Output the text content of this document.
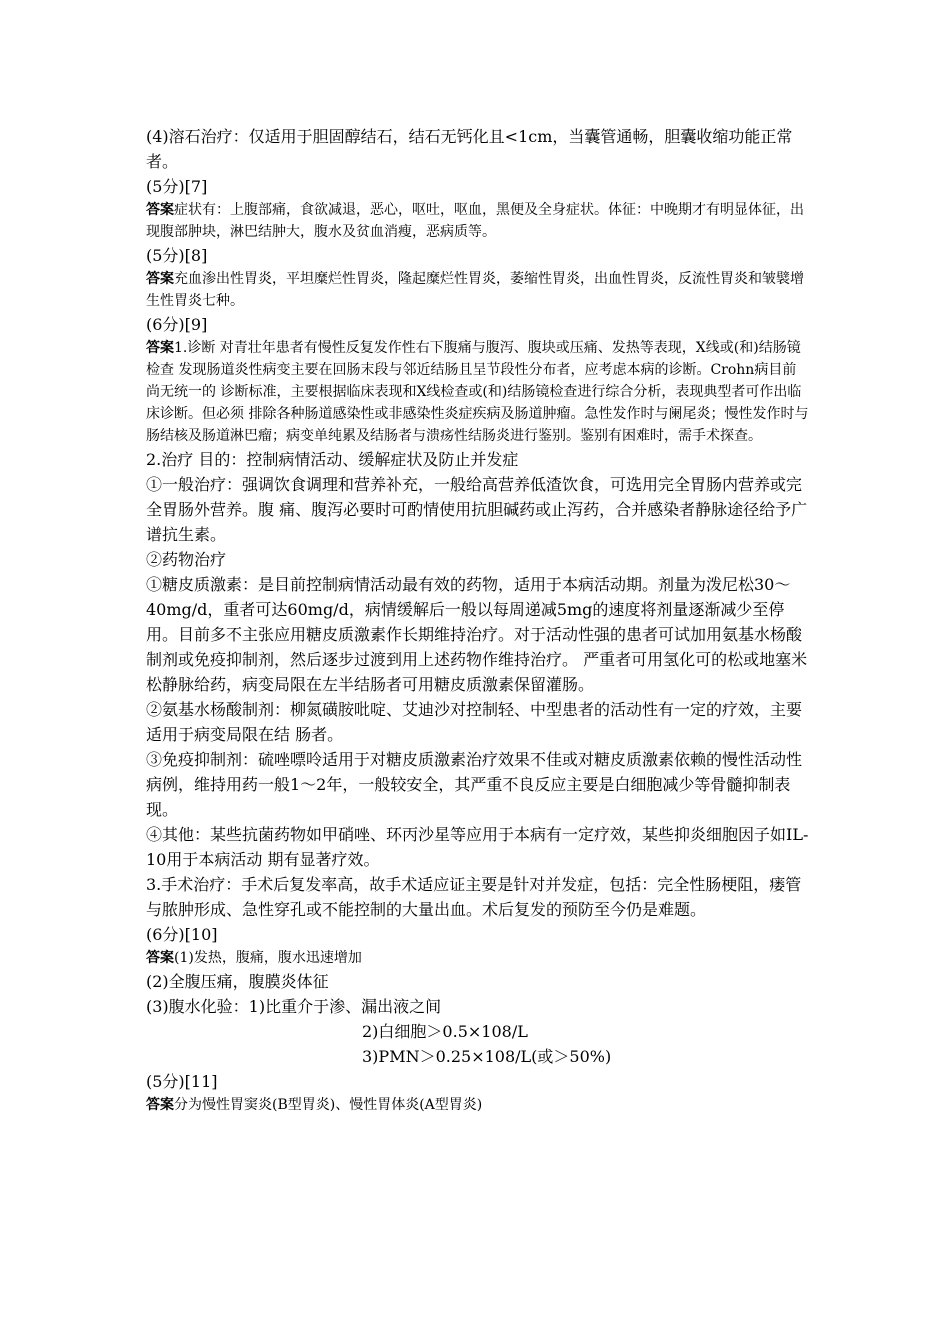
(4)溶石治疗：仅适用于胆固醇结石，结石无钙化且<1cm，当囊管通畅，胆囊收缩功能正常者。

(5分)[7]

答案症状有：上腹部痛，食欲减退，恶心，呕吐，呕血，黑便及全身症状。体征：中晚期才有明显体征，出现腹部肿块，淋巴结肿大，腹水及贫血消瘦，恶病质等。

(5分)[8]

答案充血渗出性胃炎，平坦糜烂性胃炎，隆起糜烂性胃炎，萎缩性胃炎，出血性胃炎，反流性胃炎和皱襞增生性胃炎七种。

(6分)[9]

答案1.诊断 对青壮年患者有慢性反复发作性右下腹痛与腹泻、腹块或压痛、发热等表现，X线或(和)结肠镜检查 发现肠道炎性病变主要在回肠末段与邻近结肠且呈节段性分布者，应考虑本病的诊断。Crohn病目前尚无统一的 诊断标准，主要根据临床表现和X线检查或(和)结肠镜检查进行综合分析，表现典型者可作出临床诊断。但必须 排除各种肠道感染性或非感染性炎症疾病及肠道肿瘤。急性发作时与阑尾炎；慢性发作时与肠结核及肠道淋巴瘤；病变单纯累及结肠者与溃疡性结肠炎进行鉴别。鉴别有困难时，需手术探查。

2.治疗 目的：控制病情活动、缓解症状及防止并发症

①一般治疗：强调饮食调理和营养补充，一般给高营养低渣饮食，可选用完全胃肠内营养或完全胃肠外营养。腹 痛、腹泻必要时可酌情使用抗胆碱药或止泻药，合并感染者静脉途径给予广谱抗生素。

②药物治疗

①糖皮质激素：是目前控制病情活动最有效的药物，适用于本病活动期。剂量为泼尼松30～40mg/d，重者可达60mg/d，病情缓解后一般以每周递减5mg的速度将剂量逐渐减少至停用。目前多不主张应用糖皮质激素作长期维持治疗。对于活动性强的患者可试加用氨基水杨酸制剂或免疫抑制剂，然后逐步过渡到用上述药物作维持治疗。 严重者可用氢化可的松或地塞米松静脉给药，病变局限在左半结肠者可用糖皮质激素保留灌肠。

②氨基水杨酸制剂：柳氮磺胺吡啶、艾迪沙对控制轻、中型患者的活动性有一定的疗效，主要适用于病变局限在结 肠者。

③免疫抑制剂：硫唑嘌呤适用于对糖皮质激素治疗效果不佳或对糖皮质激素依赖的慢性活动性病例，维持用药一般1～2年，一般较安全，其严重不良反应主要是白细胞减少等骨髓抑制表现。

④其他：某些抗菌药物如甲硝唑、环丙沙星等应用于本病有一定疗效，某些抑炎细胞因子如IL-10用于本病活动 期有显著疗效。

3.手术治疗：手术后复发率高，故手术适应证主要是针对并发症，包括：完全性肠梗阻，瘘管与脓肿形成、急性穿孔或不能控制的大量出血。术后复发的预防至今仍是难题。

(6分)[10]

答案(1)发热，腹痛，腹水迅速增加

(2)全腹压痛，腹膜炎体征

(3)腹水化验：1)比重介于渗、漏出液之间

2)白细胞＞0.5×108/L

3)PMN＞0.25×108/L(或＞50%)

(5分)[11]

答案分为慢性胃窦炎(B型胃炎)、慢性胃体炎(A型胃炎)
